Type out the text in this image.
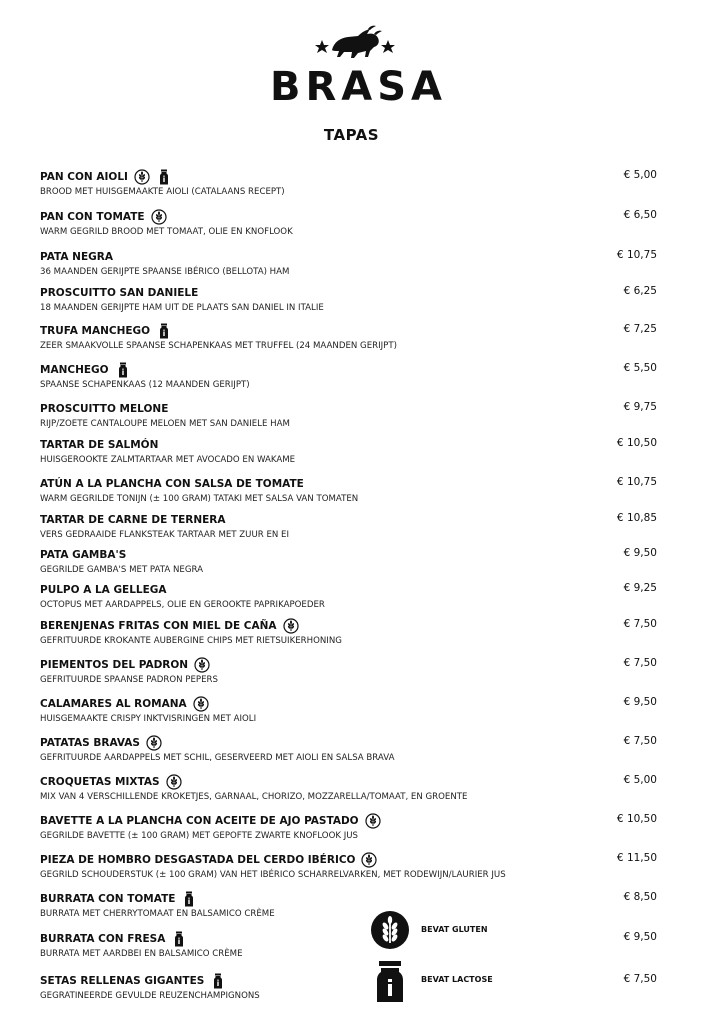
BRASA
TAPAS
PAN CON AIOLI	€ 5,00
BROOD MET HUISGEMAAKTE AIOLI (CATALAANS RECEPT)
PAN CON TOMATE	€ 6,50
WARM GEGRILD BROOD MET TOMAAT, OLIE EN KNOFLOOK
PATA NEGRA	€ 10,75
36 MAANDEN GERIJPTE SPAANSE IBÉRICO (BELLOTA) HAM
PROSCUITTO SAN DANIELE	€ 6,25
18 MAANDEN GERIJPTE HAM UIT DE PLAATS SAN DANIEL IN ITALIE
TRUFA MANCHEGO	€ 7,25
ZEER SMAAKVOLLE SPAANSE SCHAPENKAAS MET TRUFFEL (24 MAANDEN GERIJPT)
MANCHEGO	€ 5,50
SPAANSE SCHAPENKAAS (12 MAANDEN GERIJPT)
PROSCUITTO MELONE	€ 9,75
RIJP/ZOETE CANTALOUPE MELOEN MET SAN DANIELE HAM
TARTAR DE SALMÓN	€ 10,50
HUISGEROOKTE ZALMTARTAAR MET AVOCADO EN WAKAME
ATÚN A LA PLANCHA CON SALSA DE TOMATE	€ 10,75
WARM GEGRILDE TONIJN (± 100 GRAM) TATAKI MET SALSA VAN TOMATEN
TARTAR DE CARNE DE TERNERA	€ 10,85
VERS GEDRAAIDE FLANKSTEAK TARTAAR MET ZUUR EN EI
PATA GAMBA'S	€ 9,50
GEGRILDE GAMBA'S MET PATA NEGRA
PULPO A LA GELLEGA	€ 9,25
OCTOPUS MET AARDAPPELS, OLIE EN GEROOKTE PAPRIKAPOEDER
BERENJENAS FRITAS CON MIEL DE CAÑA	€ 7,50
GEFRITUURDE KROKANTE AUBERGINE CHIPS MET RIETSUIKERHONING
PIEMENTOS DEL PADRON	€ 7,50
GEFRITUURDE SPAANSE PADRON PEPERS
CALAMARES AL ROMANA	€ 9,50
HUISGEMAAKTE CRISPY INKTVISRINGEN MET AIOLI
PATATAS BRAVAS	€ 7,50
GEFRITUURDE AARDAPPELS MET SCHIL, GESERVEERD MET AIOLI EN SALSA BRAVA
CROQUETAS MIXTAS	€ 5,00
MIX VAN 4 VERSCHILLENDE KROKETJES, GARNAAL, CHORIZO, MOZZARELLA/TOMAAT, EN GROENTE
BAVETTE A LA PLANCHA CON ACEITE DE AJO PASTADO	€ 10,50
GEGRILDE BAVETTE (± 100 GRAM) MET GEPOFTE ZWARTE KNOFLOOK JUS
PIEZA DE HOMBRO DESGASTADA DEL CERDO IBÉRICO	€ 11,50
GEGRILD SCHOUDERSTUK (± 100 GRAM) VAN HET IBÉRICO SCHARRELVARKEN, MET RODEWIJN/LAURIER JUS
BURRATA CON TOMATE	€ 8,50
BURRATA MET CHERRYTOMAAT EN BALSAMICO CRÈME
BURRATA CON FRESA	€ 9,50
BURRATA MET AARDBEI EN BALSAMICO CRÈME
SETAS RELLENAS GIGANTES	€ 7,50
GEGRATINEERDE GEVULDE REUZENCHAMPIGNONS
BEVAT GLUTEN
BEVAT LACTOSE
